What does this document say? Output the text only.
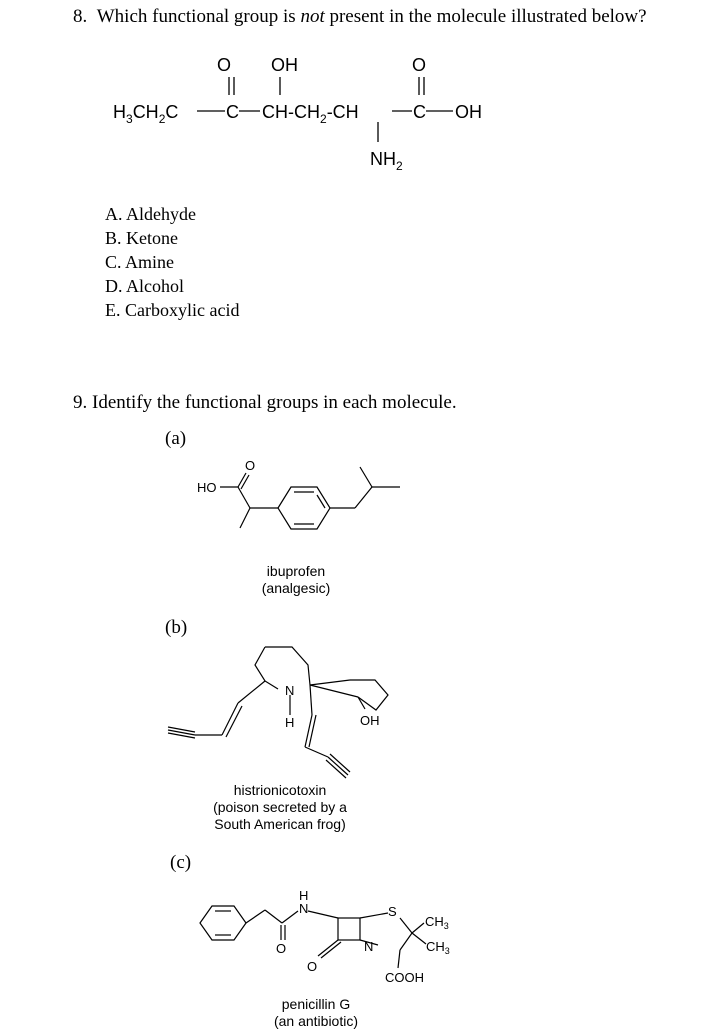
8. Which functional group is not present in the molecule illustrated below?
$H_3CH_2C$	C $CH-CH_2-CH$	C OH
O OH	O
$NH_2$
A. Aldehyde
B. Ketone
C. Amine
D. Alcohol
E. Carboxylic acid
9. Identify the functional groups in each molecule.
(a)
O
HO
ibuprofen
(analgesic)
(b)
N
H	OH
histrionicotoxin
(poison secreted by a
South American frog)
(c)
H
N
O
O
N
S
$CH_3$
$CH_3$
COOH
penicillin G
(an antibiotic)
